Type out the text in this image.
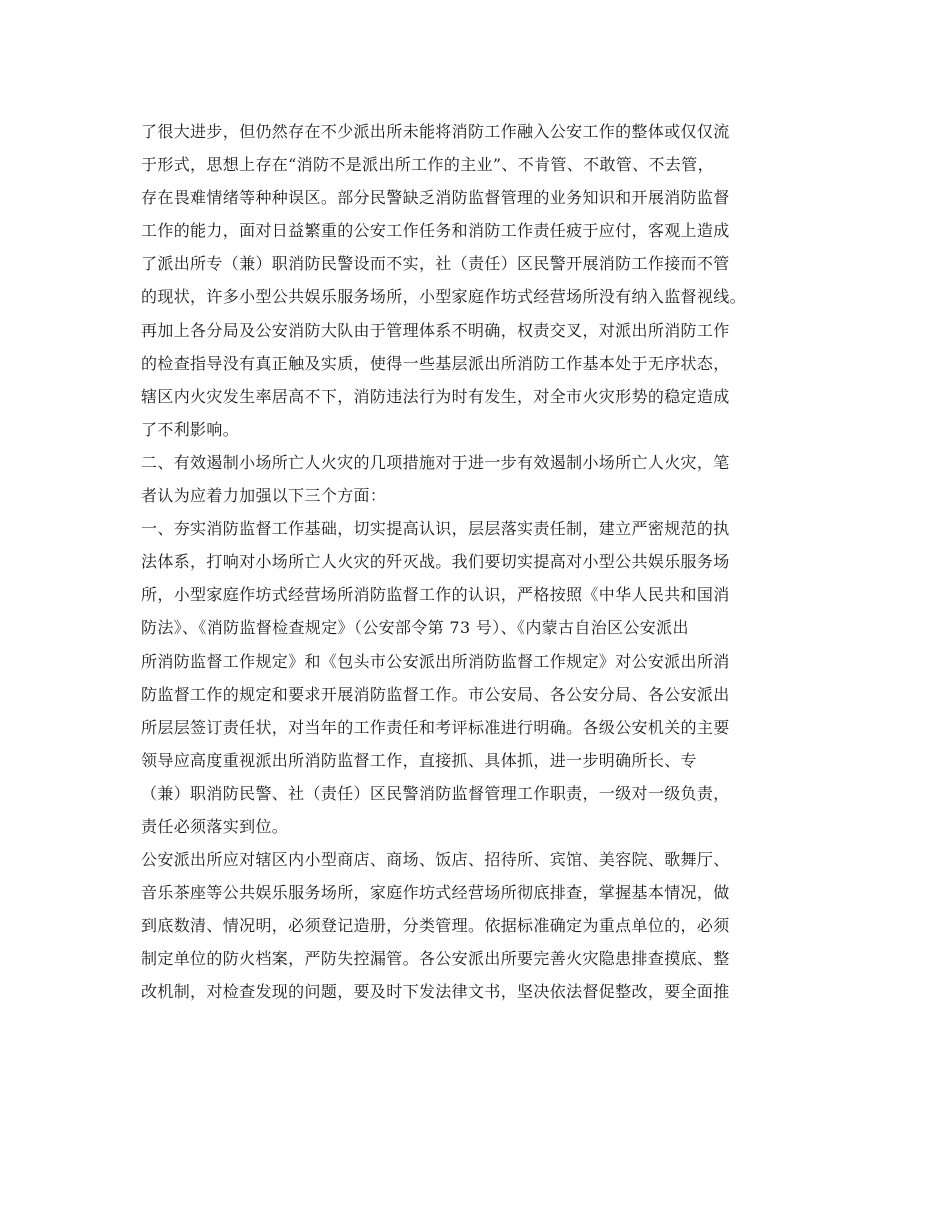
了很大进步，但仍然存在不少派出所未能将消防工作融入公安工作的整体或仅仅流
于形式，思想上存在“消防不是派出所工作的主业”、不肯管、不敢管、不去管，
存在畏难情绪等种种误区。部分民警缺乏消防监督管理的业务知识和开展消防监督
工作的能力，面对日益繁重的公安工作任务和消防工作责任疲于应付，客观上造成
了派出所专（兼）职消防民警设而不实，社（责任）区民警开展消防工作接而不管
的现状，许多小型公共娱乐服务场所，小型家庭作坊式经营场所没有纳入监督视线。
再加上各分局及公安消防大队由于管理体系不明确，权责交叉，对派出所消防工作
的检查指导没有真正触及实质，使得一些基层派出所消防工作基本处于无序状态，
辖区内火灾发生率居高不下，消防违法行为时有发生，对全市火灾形势的稳定造成
了不利影响。
二、有效遏制小场所亡人火灾的几项措施对于进一步有效遏制小场所亡人火灾，笔
者认为应着力加强以下三个方面：
一、夯实消防监督工作基础，切实提高认识，层层落实责任制，建立严密规范的执
法体系，打响对小场所亡人火灾的歼灭战。我们要切实提高对小型公共娱乐服务场
所，小型家庭作坊式经营场所消防监督工作的认识，严格按照《中华人民共和国消
防法》、《消防监督检查规定》（公安部令第 73 号）、《内蒙古自治区公安派出
所消防监督工作规定》和《包头市公安派出所消防监督工作规定》对公安派出所消
防监督工作的规定和要求开展消防监督工作。市公安局、各公安分局、各公安派出
所层层签订责任状，对当年的工作责任和考评标准进行明确。各级公安机关的主要
领导应高度重视派出所消防监督工作，直接抓、具体抓，进一步明确所长、专
（兼）职消防民警、社（责任）区民警消防监督管理工作职责，一级对一级负责，
责任必须落实到位。
公安派出所应对辖区内小型商店、商场、饭店、招待所、宾馆、美容院、歌舞厅、
音乐茶座等公共娱乐服务场所，家庭作坊式经营场所彻底排查，掌握基本情况，做
到底数清、情况明，必须登记造册，分类管理。依据标准确定为重点单位的，必须
制定单位的防火档案，严防失控漏管。各公安派出所要完善火灾隐患排查摸底、整
改机制，对检查发现的问题，要及时下发法律文书，坚决依法督促整改，要全面推
